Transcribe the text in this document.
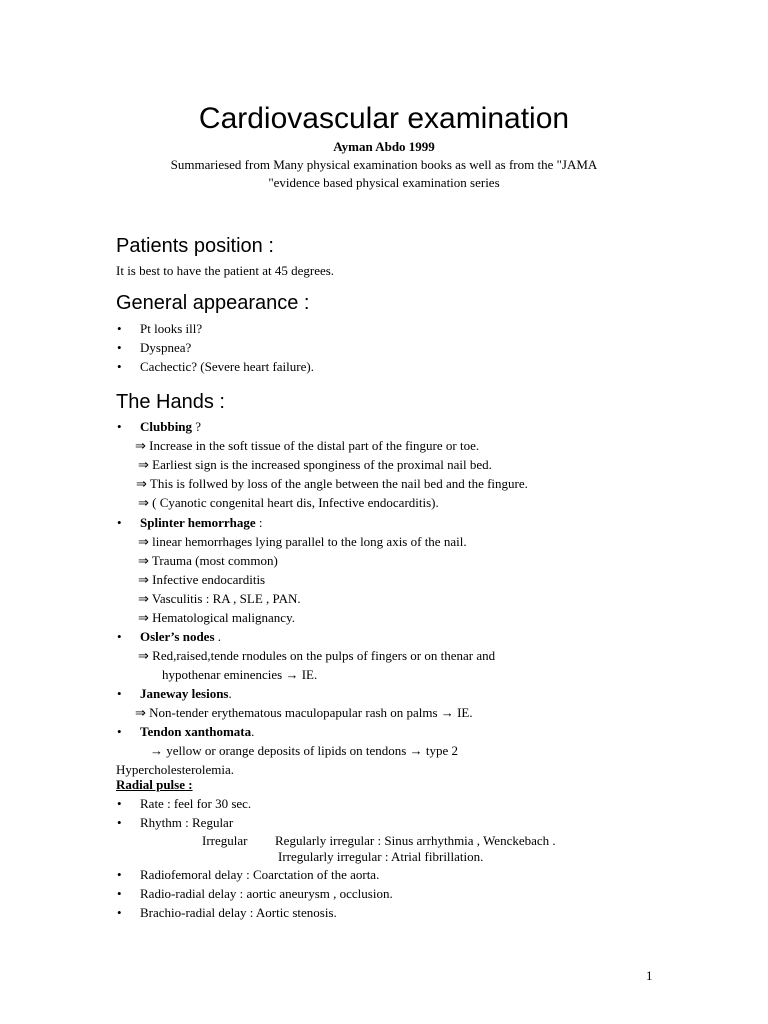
Cardiovascular examination
Ayman Abdo 1999
Summariesed from Many physical examination books as well as from the "JAMA
"evidence based physical examination series
Patients position :
It is best to have the patient at 45 degrees.
General appearance :
• Pt looks ill?
• Dyspnea?
• Cachectic? (Severe heart failure).
The Hands :
• Clubbing ?
⇒ Increase in the soft tissue of the distal part of the fingure or toe.
⇒ Earliest sign is the increased sponginess of the proximal nail bed.
⇒ This is follwed by loss of the angle between the nail bed and the fingure.
⇒ ( Cyanotic congenital heart dis, Infective endocarditis).
• Splinter hemorrhage :
⇒ linear hemorrhages lying parallel to the long axis of the nail.
⇒ Trauma (most common)
⇒ Infective endocarditis
⇒ Vasculitis : RA , SLE , PAN.
⇒ Hematological malignancy.
• Osler’s nodes .
⇒ Red,raised,tende rnodules on the pulps of fingers or on thenar and
hypothenar eminencies → IE.
• Janeway lesions.
⇒ Non-tender erythematous maculopapular rash on palms → IE.
• Tendon xanthomata.
→ yellow or orange deposits of lipids on tendons → type 2
Hypercholesterolemia.
Radial pulse :
• Rate : feel for 30 sec.
• Rhythm : Regular
Irregular Regularly irregular : Sinus arrhythmia , Wenckebach .
Irregularly irregular : Atrial fibrillation.
• Radiofemoral delay : Coarctation of the aorta.
• Radio-radial delay : aortic aneurysm , occlusion.
• Brachio-radial delay : Aortic stenosis.
1
